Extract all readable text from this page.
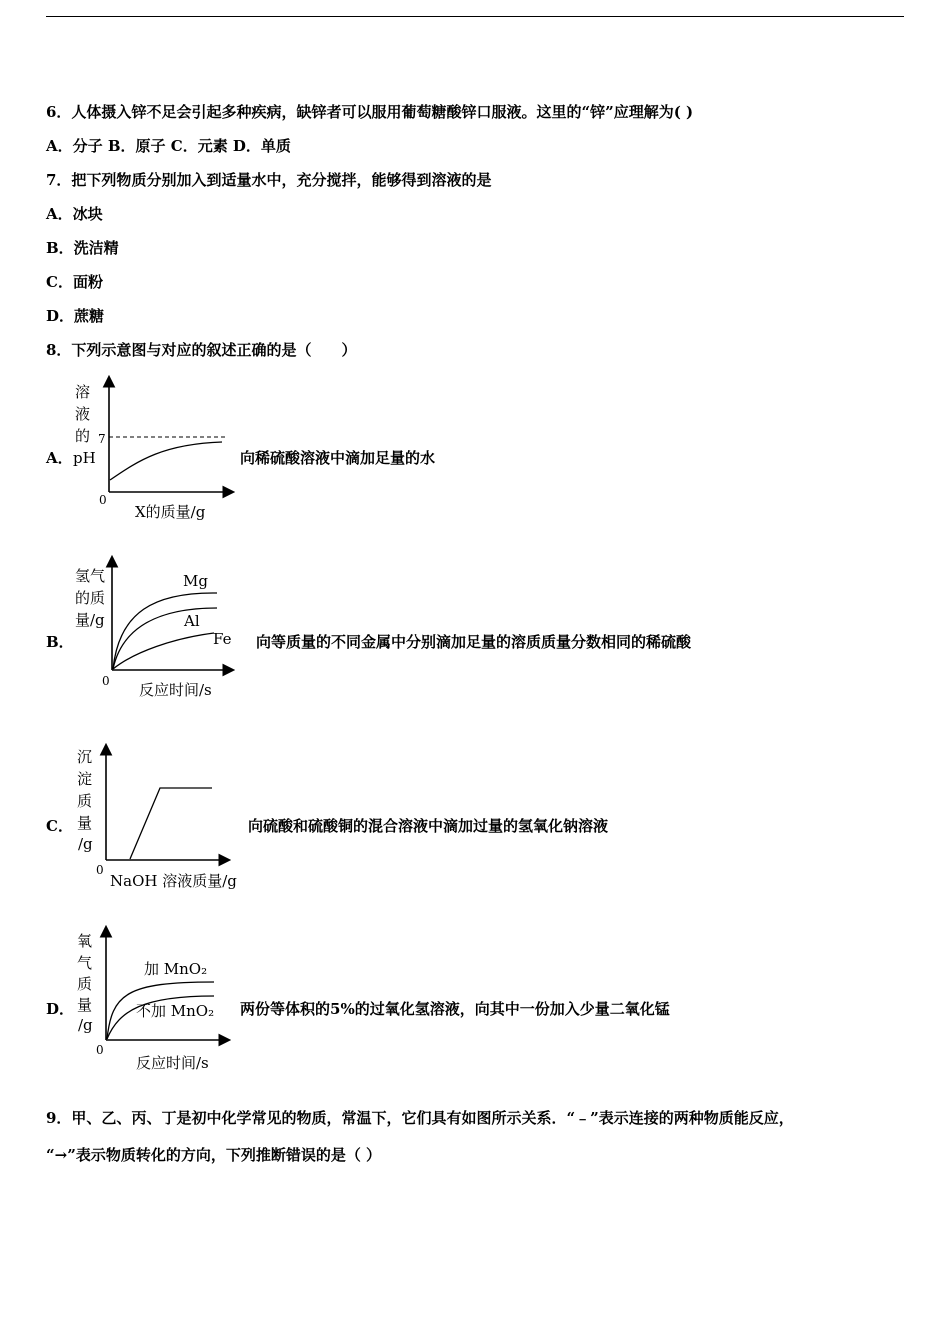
6．人体摄入锌不足会引起多种疾病，缺锌者可以服用葡萄糖酸锌口服液。这里的“锌”应理解为( )
A．分子 B．原子 C．元素 D．单质
7．把下列物质分别加入到适量水中，充分搅拌，能够得到溶液的是
A．冰块
B．洗洁精
C．面粉
D．蔗糖
8．下列示意图与对应的叙述正确的是（　　）
A．
溶
液
的
pH
7
0
X的质量/g
向稀硫酸溶液中滴加足量的水
B．
氢气
的质
量/g
Mg
Al
Fe
0 反应时间/s
向等质量的不同金属中分别滴加足量的溶质质量分数相同的稀硫酸
C．
沉
淀
质
量
/g
0
NaOH 溶液质量/g
向硫酸和硫酸铜的混合溶液中滴加过量的氢氧化钠溶液
D．
氧
气
质
量
/g
加 MnO₂
不加 MnO₂
0
反应时间/s
两份等体积的5%的过氧化氢溶液，向其中一份加入少量二氧化锰
9．甲、乙、丙、丁是初中化学常见的物质，常温下，它们具有如图所示关系．“﹣”表示连接的两种物质能反应，
“→”表示物质转化的方向，下列推断错误的是（ ）
